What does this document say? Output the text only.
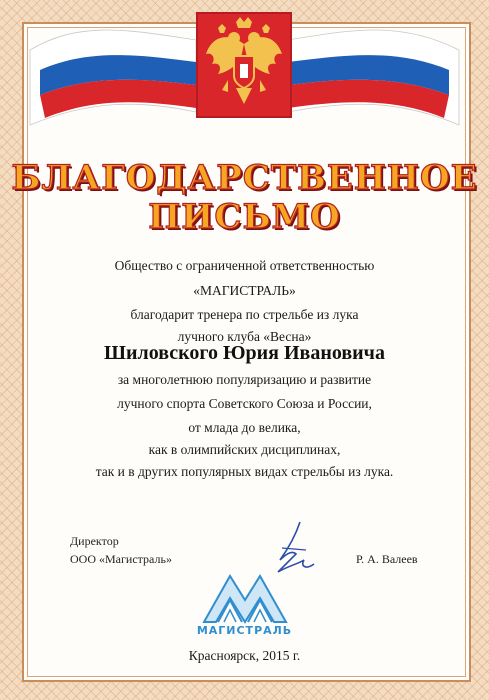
БЛАГОДАРСТВЕННОЕ
ПИСЬМО
Общество с ограниченной ответственностью
«МАГИСТРАЛЬ»
благодарит тренера по стрельбе из лука
лучного клуба «Весна»
Шиловского Юрия Ивановича
за многолетнюю популяризацию и развитие
лучного спорта Советского Союза и России,
от млада до велика,
как в олимпийских дисциплинах,
так и в других популярных видах стрельбы из лука.
Директор
ООО «Магистраль»	Р. А. Валеев
МАГИСТРАЛЬ
Красноярск, 2015 г.
